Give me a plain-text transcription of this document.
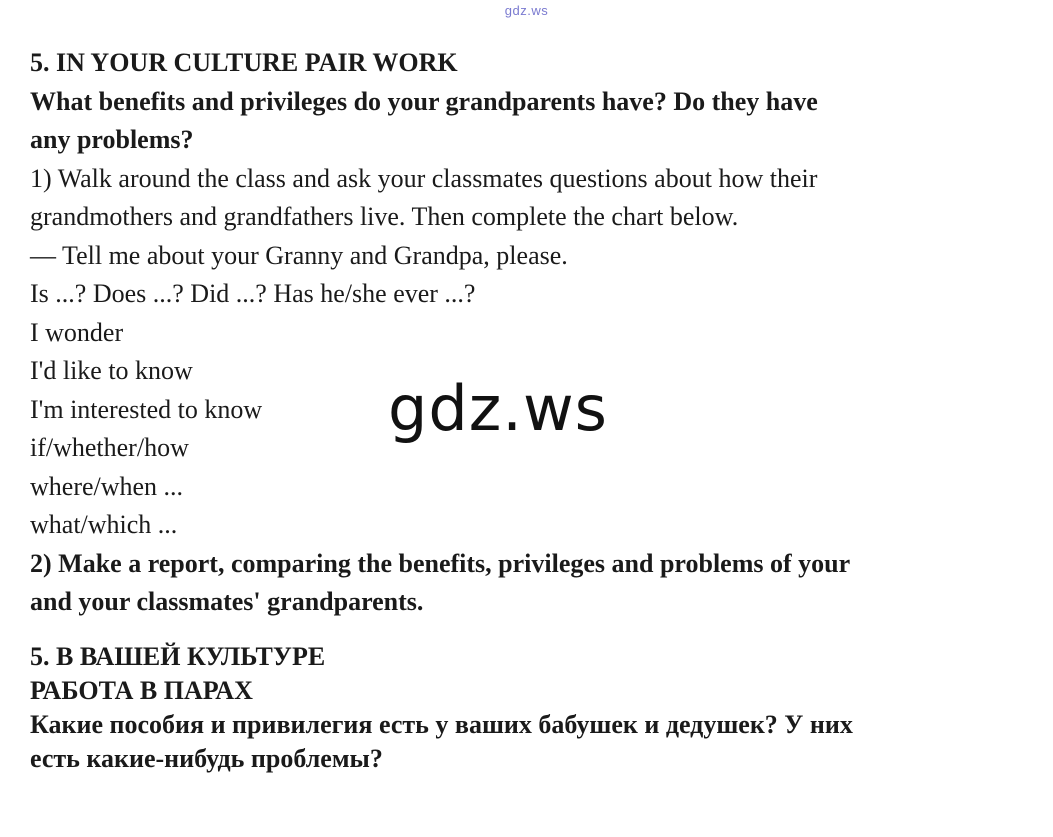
gdz.ws
5. IN YOUR CULTURE PAIR WORK
What benefits and privileges do your grandparents have? Do they have
any problems?
1) Walk around the class and ask your classmates questions about how their
grandmothers and grandfathers live. Then complete the chart below.
— Tell me about your Granny and Grandpa, please.
Is ...? Does ...? Did ...? Has he/she ever ...?
I wonder
I'd like to know
I'm interested to know
if/whether/how
where/when ...
what/which ...
2) Make a report, comparing the benefits, privileges and problems of your
and your classmates' grandparents.
5. В ВАШЕЙ КУЛЬТУРЕ
РАБОТА В ПАРАХ
Какие пособия и привилегия есть у ваших бабушек и дедушек? У них
есть какие-нибудь проблемы?
gdz.ws
